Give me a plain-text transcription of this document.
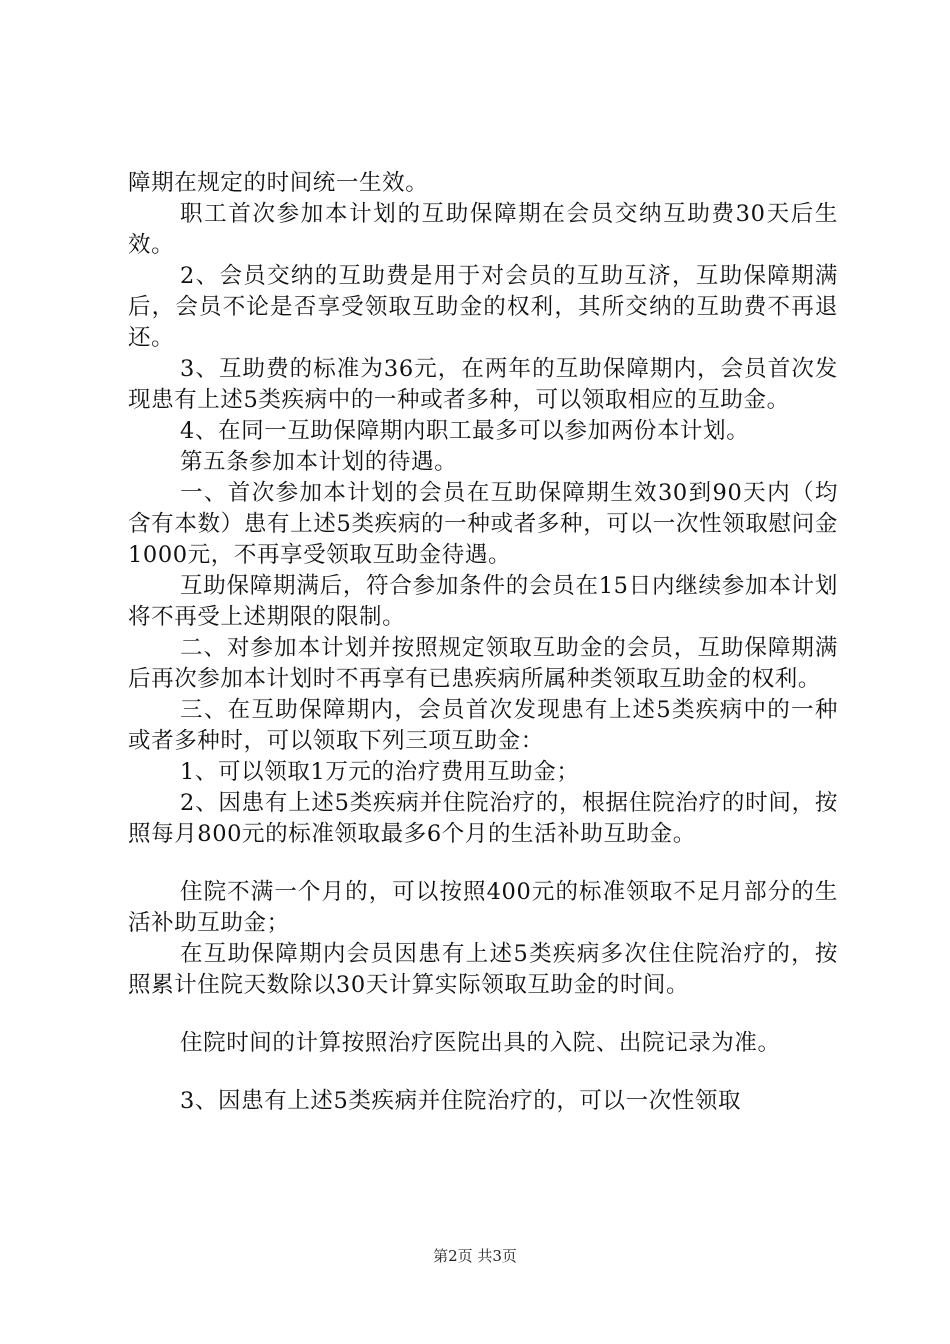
障期在规定的时间统一生效。

职工首次参加本计划的互助保障期在会员交纳互助费30天后生效。

2、会员交纳的互助费是用于对会员的互助互济，互助保障期满后，会员不论是否享受领取互助金的权利，其所交纳的互助费不再退还。

3、互助费的标准为36元，在两年的互助保障期内，会员首次发现患有上述5类疾病中的一种或者多种，可以领取相应的互助金。

4、在同一互助保障期内职工最多可以参加两份本计划。

第五条参加本计划的待遇。

一、首次参加本计划的会员在互助保障期生效30到90天内（均含有本数）患有上述5类疾病的一种或者多种，可以一次性领取慰问金1000元，不再享受领取互助金待遇。

互助保障期满后，符合参加条件的会员在15日内继续参加本计划将不再受上述期限的限制。

二、对参加本计划并按照规定领取互助金的会员，互助保障期满后再次参加本计划时不再享有已患疾病所属种类领取互助金的权利。

三、在互助保障期内，会员首次发现患有上述5类疾病中的一种或者多种时，可以领取下列三项互助金：

1、可以领取1万元的治疗费用互助金；

2、因患有上述5类疾病并住院治疗的，根据住院治疗的时间，按照每月800元的标准领取最多6个月的生活补助互助金。

住院不满一个月的，可以按照400元的标准领取不足月部分的生活补助互助金；

在互助保障期内会员因患有上述5类疾病多次住住院治疗的，按照累计住院天数除以30天计算实际领取互助金的时间。

住院时间的计算按照治疗医院出具的入院、出院记录为准。

3、因患有上述5类疾病并住院治疗的，可以一次性领取

第2页 共3页
